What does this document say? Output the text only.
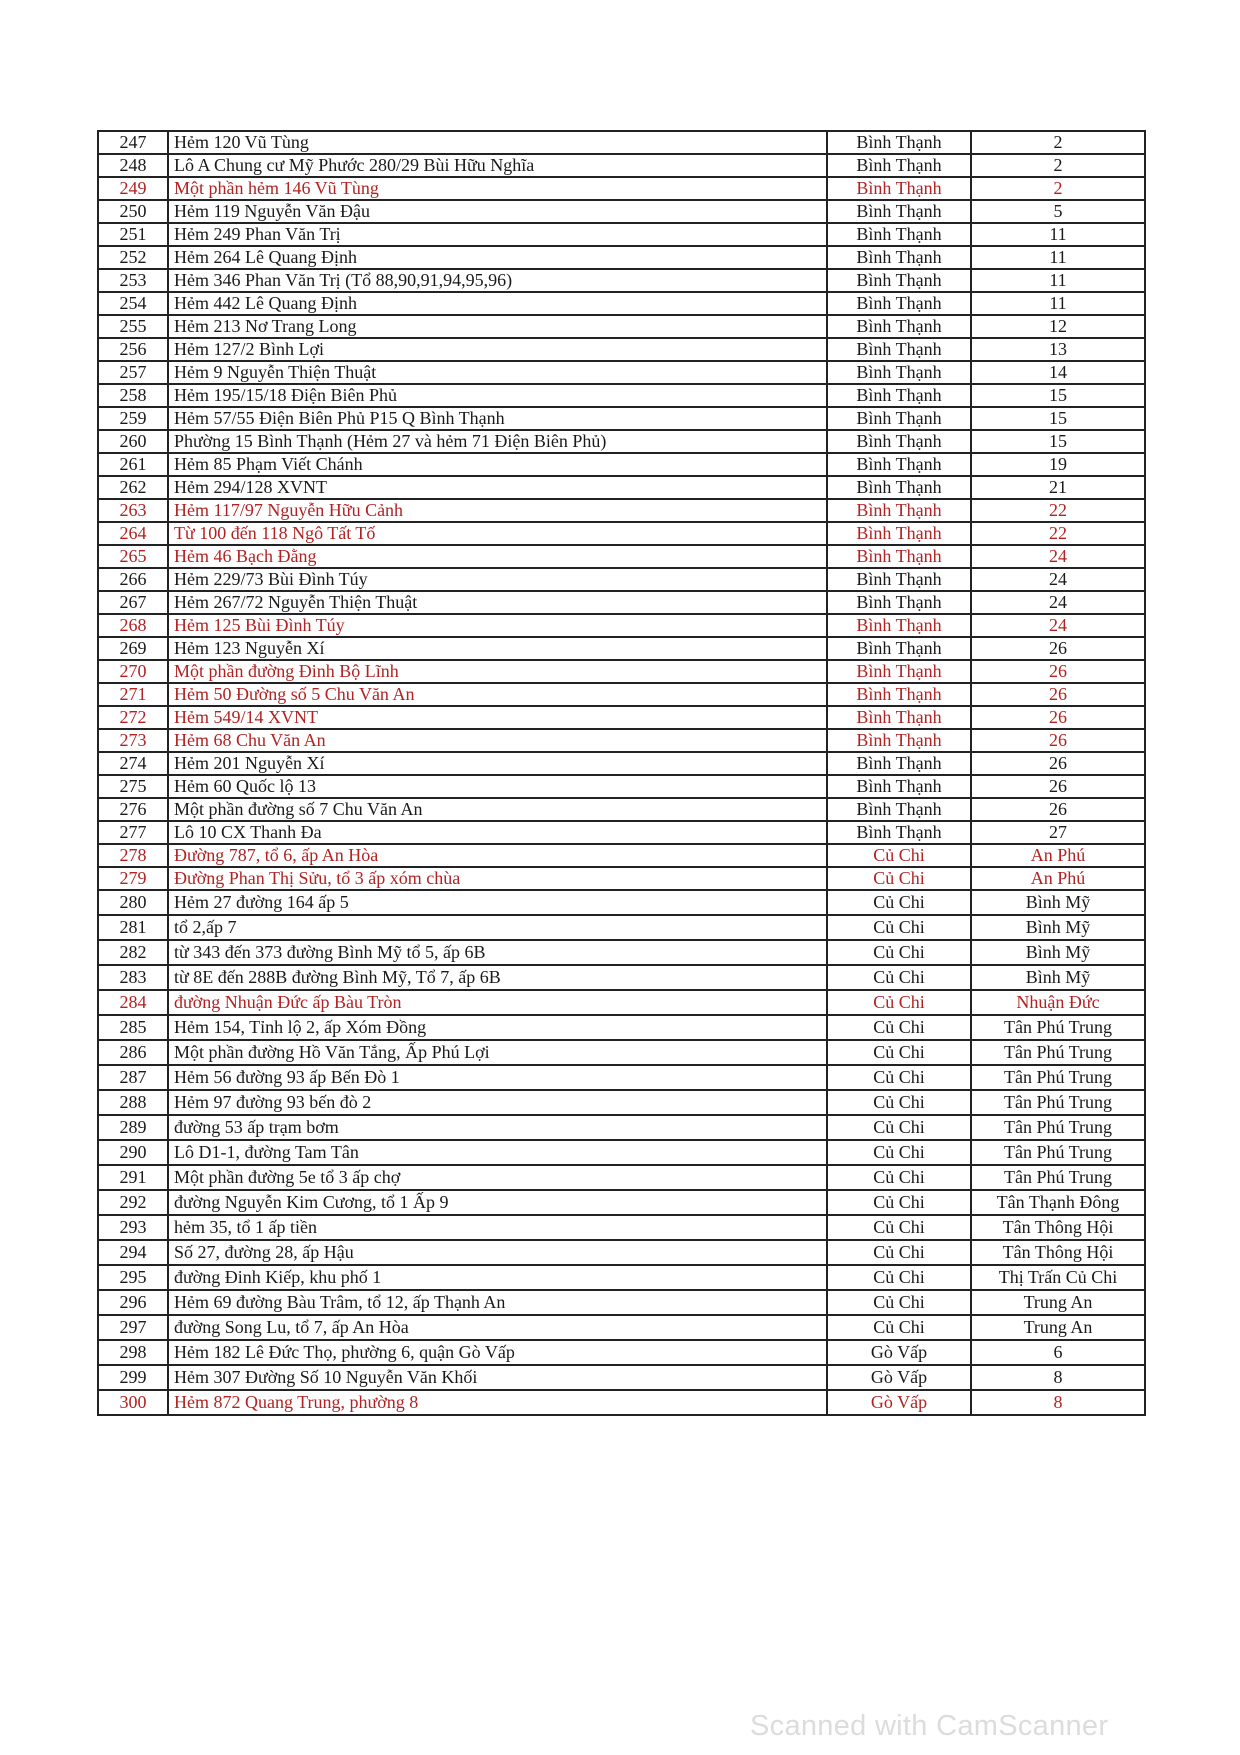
247	Hẻm 120 Vũ Tùng	Bình Thạnh	2
248	Lô A Chung cư Mỹ Phước 280/29 Bùi Hữu Nghĩa	Bình Thạnh	2
249	Một phần hẻm 146 Vũ Tùng	Bình Thạnh	2
250	Hẻm 119 Nguyễn Văn Đậu	Bình Thạnh	5
251	Hẻm 249 Phan Văn Trị	Bình Thạnh	11
252	Hẻm 264 Lê Quang Định	Bình Thạnh	11
253	Hẻm 346 Phan Văn Trị (Tổ 88,90,91,94,95,96)	Bình Thạnh	11
254	Hẻm 442 Lê Quang Định	Bình Thạnh	11
255	Hẻm 213 Nơ Trang Long	Bình Thạnh	12
256	Hẻm 127/2 Bình Lợi	Bình Thạnh	13
257	Hẻm 9 Nguyễn Thiện Thuật	Bình Thạnh	14
258	Hẻm 195/15/18 Điện Biên Phủ	Bình Thạnh	15
259	Hẻm 57/55 Điện Biên Phủ P15 Q Bình Thạnh	Bình Thạnh	15
260	Phường 15 Bình Thạnh (Hẻm 27 và hẻm 71 Điện Biên Phủ)	Bình Thạnh	15
261	Hẻm 85 Phạm Viết Chánh	Bình Thạnh	19
262	Hẻm 294/128 XVNT	Bình Thạnh	21
263	Hẻm 117/97 Nguyễn Hữu Cảnh	Bình Thạnh	22
264	Từ 100 đến 118 Ngô Tất Tố	Bình Thạnh	22
265	Hẻm 46 Bạch Đằng	Bình Thạnh	24
266	Hẻm 229/73 Bùi Đình Túy	Bình Thạnh	24
267	Hẻm 267/72 Nguyễn Thiện Thuật	Bình Thạnh	24
268	Hẻm 125 Bùi Đình Túy	Bình Thạnh	24
269	Hẻm 123 Nguyễn Xí	Bình Thạnh	26
270	Một phần đường Đinh Bộ Lĩnh	Bình Thạnh	26
271	Hẻm 50 Đường số 5 Chu Văn An	Bình Thạnh	26
272	Hẻm 549/14 XVNT	Bình Thạnh	26
273	Hẻm 68 Chu Văn An	Bình Thạnh	26
274	Hẻm 201 Nguyễn Xí	Bình Thạnh	26
275	Hẻm 60 Quốc lộ 13	Bình Thạnh	26
276	Một phần đường số 7 Chu Văn An	Bình Thạnh	26
277	Lô 10 CX Thanh Đa	Bình Thạnh	27
278	Đường 787, tổ 6, ấp An Hòa	Củ Chi	An Phú
279	Đường Phan Thị Sửu, tổ 3 ấp xóm chùa	Củ Chi	An Phú
280	Hẻm 27 đường 164 ấp 5	Củ Chi	Bình Mỹ
281	tổ 2,ấp 7	Củ Chi	Bình Mỹ
282	từ 343 đến 373 đường Bình Mỹ tổ 5, ấp 6B	Củ Chi	Bình Mỹ
283	từ 8E đến 288B đường Bình Mỹ, Tổ 7, ấp 6B	Củ Chi	Bình Mỹ
284	đường Nhuận Đức ấp Bàu Tròn	Củ Chi	Nhuận Đức
285	Hẻm 154, Tỉnh lộ 2, ấp Xóm Đồng	Củ Chi	Tân Phú Trung
286	Một phần đường Hồ Văn Tắng, Ấp Phú Lợi	Củ Chi	Tân Phú Trung
287	Hẻm 56 đường 93 ấp Bến Đò 1	Củ Chi	Tân Phú Trung
288	Hẻm 97 đường 93 bến đò 2	Củ Chi	Tân Phú Trung
289	đường 53 ấp trạm bơm	Củ Chi	Tân Phú Trung
290	Lô D1-1, đường Tam Tân	Củ Chi	Tân Phú Trung
291	Một phần đường 5e tổ 3 ấp chợ	Củ Chi	Tân Phú Trung
292	đường Nguyễn Kim Cương, tổ 1 Ấp 9	Củ Chi	Tân Thạnh Đông
293	hẻm 35, tổ 1 ấp tiền	Củ Chi	Tân Thông Hội
294	Số 27, đường 28, ấp Hậu	Củ Chi	Tân Thông Hội
295	đường Đinh Kiếp, khu phố 1	Củ Chi	Thị Trấn Củ Chi
296	Hẻm 69 đường Bàu Trâm, tổ 12, ấp Thạnh An	Củ Chi	Trung An
297	đường Song Lu, tổ 7, ấp An Hòa	Củ Chi	Trung An
298	Hẻm 182 Lê Đức Thọ, phường 6, quận Gò Vấp	Gò Vấp	6
299	Hẻm 307 Đường Số 10 Nguyễn Văn Khối	Gò Vấp	8
300	Hẻm 872 Quang Trung, phường 8	Gò Vấp	8
Scanned with CamScanner
